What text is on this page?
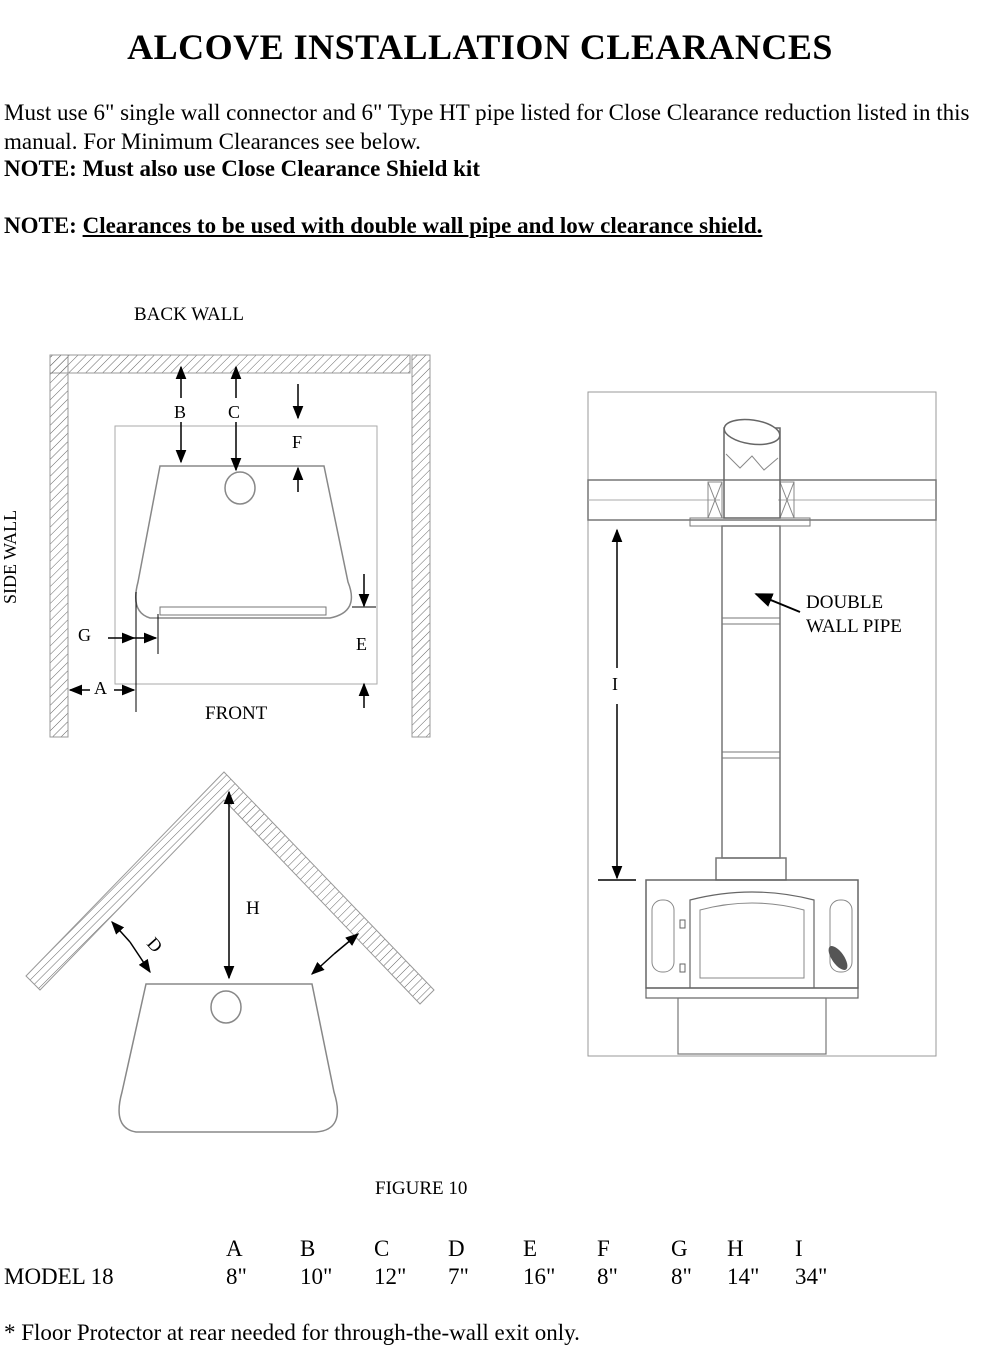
ALCOVE INSTALLATION CLEARANCES

Must use 6" single wall connector and 6" Type HT pipe listed for Close Clearance reduction listed in this manual. For Minimum Clearances see below.

NOTE: Must also use Close Clearance Shield kit

NOTE: Clearances to be used with double wall pipe and low clearance shield.

BACK WALL
SIDE WALL
B C
F
E
G
A
FRONT
H
D
I
DOUBLE
WALL PIPE
FIGURE 10
A B	C	D	E	F	G H I
MODEL 18	8" 10" 12" 7" 16" 8" 8" 14" 34"

* Floor Protector at rear needed for through-the-wall exit only.
